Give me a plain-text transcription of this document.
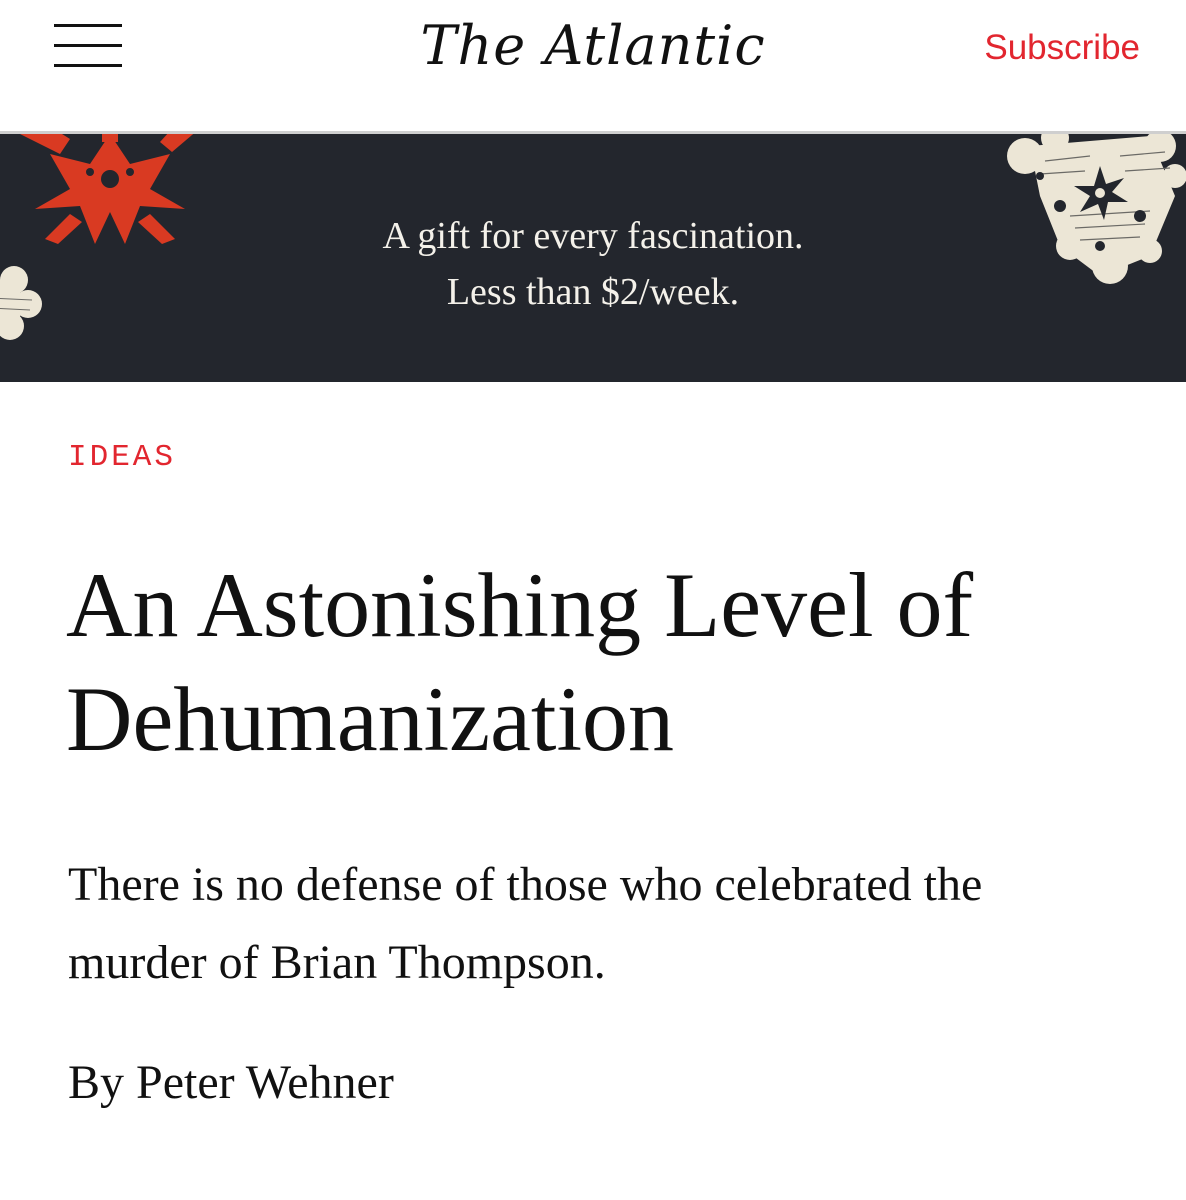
The Atlantic	Subscribe
A gift for every fascination.
Less than $2/week.
IDEAS
An Astonishing Level of Dehumanization

There is no defense of those who celebrated the murder of Brian Thompson.

By Peter Wehner
